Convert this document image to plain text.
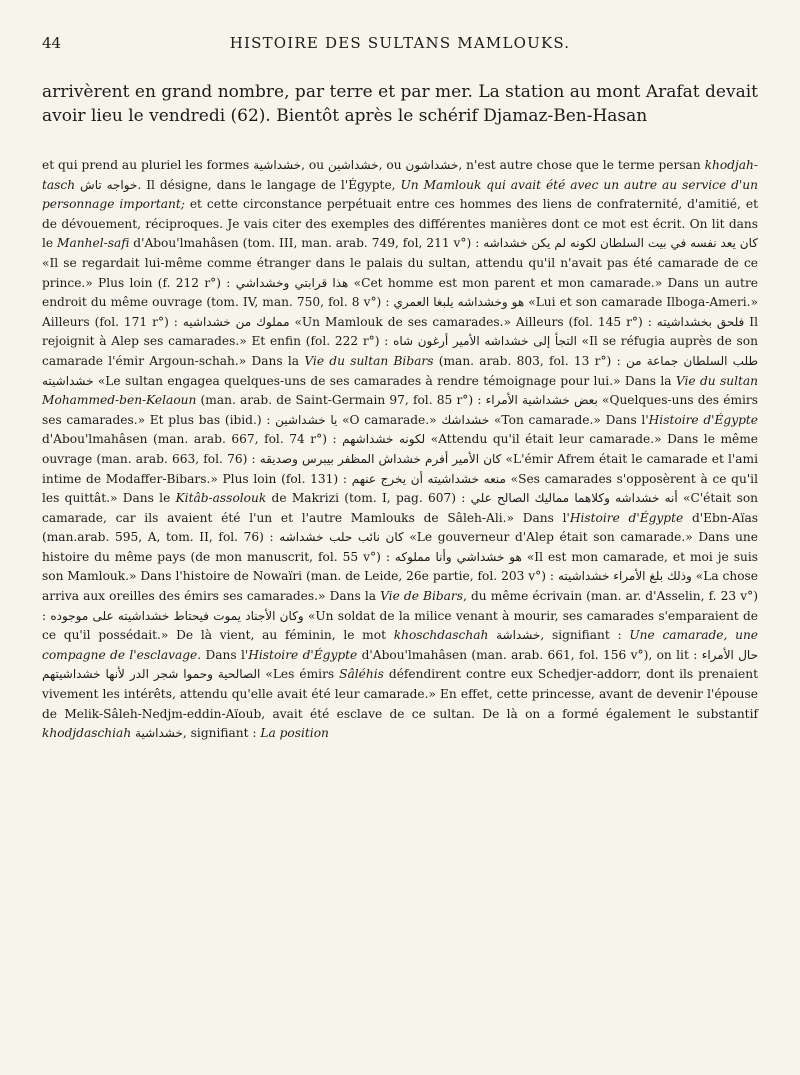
44	HISTOIRE DES SULTANS MAMLOUKS.

arrivèrent en grand nombre, par terre et par mer. La station au mont Arafat devait avoir lieu le vendredi (62). Bientôt après le schérif Djamaz-Ben-Hasan

et qui prend au pluriel les formes خشداشية, ou خشداشين, ou خشداشون, n'est autre chose que le terme persan khodjah-tasch خواجه تاش. Il désigne, dans le langage de l'Égypte, Un Mamlouk qui avait été avec un autre au service d'un personnage important; et cette circonstance perpétuait entre ces hommes des liens de confraternité, d'amitié, et de dévouement, réciproques. Je vais citer des exemples des différentes manières dont ce mot est écrit. On lit dans le Manhel-safi d'Abou'lmahâsen (tom. III, man. arab. 749, fol, 211 v°) : كان يعد نفسه في بيت السلطان لكونه لم يكن خشداشه «Il se regardait lui-même comme étranger dans le palais du sultan, attendu qu'il n'avait pas été camarade de ce prince.» Plus loin (f. 212 r°) : هذا قرابتي وخشداشي «Cet homme est mon parent et mon camarade.» Dans un autre endroit du même ouvrage (tom. IV, man. 750, fol. 8 v°) : هو وخشداشه يلبغا العمري «Lui et son camarade Ilboga-Ameri.» Ailleurs (fol. 171 r°) : مملوك من خشداشيه «Un Mamlouk de ses camarades.» Ailleurs (fol. 145 r°) : فلحق بخشداشيته Il rejoignit à Alep ses camarades.» Et enfin (fol. 222 r°) : التجأ إلى خشداشه الأمير أرغون شاه «Il se réfugia auprès de son camarade l'émir Argoun-schah.» Dans la Vie du sultan Bibars (man. arab. 803, fol. 13 r°) : طلب السلطان جماعة من خشداشيته «Le sultan engagea quelques-uns de ses camarades à rendre témoignage pour lui.» Dans la Vie du sultan Mohammed-ben-Kelaoun (man. arab. de Saint-Germain 97, fol. 85 r°) : بعض خشداشية الأمراء «Quelques-uns des émirs ses camarades.» Et plus bas (ibid.) : يا خشداشين «O camarade.» خشداشك «Ton camarade.» Dans l'Histoire d'Égypte d'Abou'lmahâsen (man. arab. 667, fol. 74 r°) : لكونه خشداشهم «Attendu qu'il était leur camarade.» Dans le même ouvrage (man. arab. 663, fol. 76) : كان الأمير أفرم خشداش المظفر بيبرس وصديقه «L'émir Afrem était le camarade et l'ami intime de Modaffer-Bibars.» Plus loin (fol. 131) : منعه خشداشيته أن يخرج عنهم «Ses camarades s'opposèrent à ce qu'il les quittât.» Dans le Kitâb-assolouk de Makrizi (tom. I, pag. 607) : أنه خشداشه وكلاهما مماليك الصالح علي «C'était son camarade, car ils avaient été l'un et l'autre Mamlouks de Sâleh-Ali.» Dans l'Histoire d'Égypte d'Ebn-Aïas (man.arab. 595, A, tom. II, fol. 76) : كان نائب حلب خشداشه «Le gouverneur d'Alep était son camarade.» Dans une histoire du même pays (de mon manuscrit, fol. 55 v°) : هو خشداشي وأنا مملوكه «Il est mon camarade, et moi je suis son Mamlouk.» Dans l'histoire de Nowaïri (man. de Leide, 26e partie, fol. 203 v°) : وذلك بلغ الأمراء خشداشيته «La chose arriva aux oreilles des émirs ses camarades.» Dans la Vie de Bibars, du même écrivain (man. ar. d'Asselin, f. 23 v°) : وكان الأجناد يموت فيحتاط خشداشيته على موجوده «Un soldat de la milice venant à mourir, ses camarades s'emparaient de ce qu'il possédait.» De là vient, au féminin, le mot khoschdaschah خشداشة, signifiant : Une camarade, une compagne de l'esclavage. Dans l'Histoire d'Égypte d'Abou'lmahâsen (man. arab. 661, fol. 156 v°), on lit : حال الأمراء الصالحية وحموا شجر الدر لأنها خشداشيتهم «Les émirs Sâléhis défendirent contre eux Schedjer-addorr, dont ils prenaient vivement les intérêts, attendu qu'elle avait été leur camarade.» En effet, cette princesse, avant de devenir l'épouse de Melik-Sâleh-Nedjm-eddin-Aïoub, avait été esclave de ce sultan. De là on a formé également le substantif khodjdaschiah خشداشية, signifiant : La position
